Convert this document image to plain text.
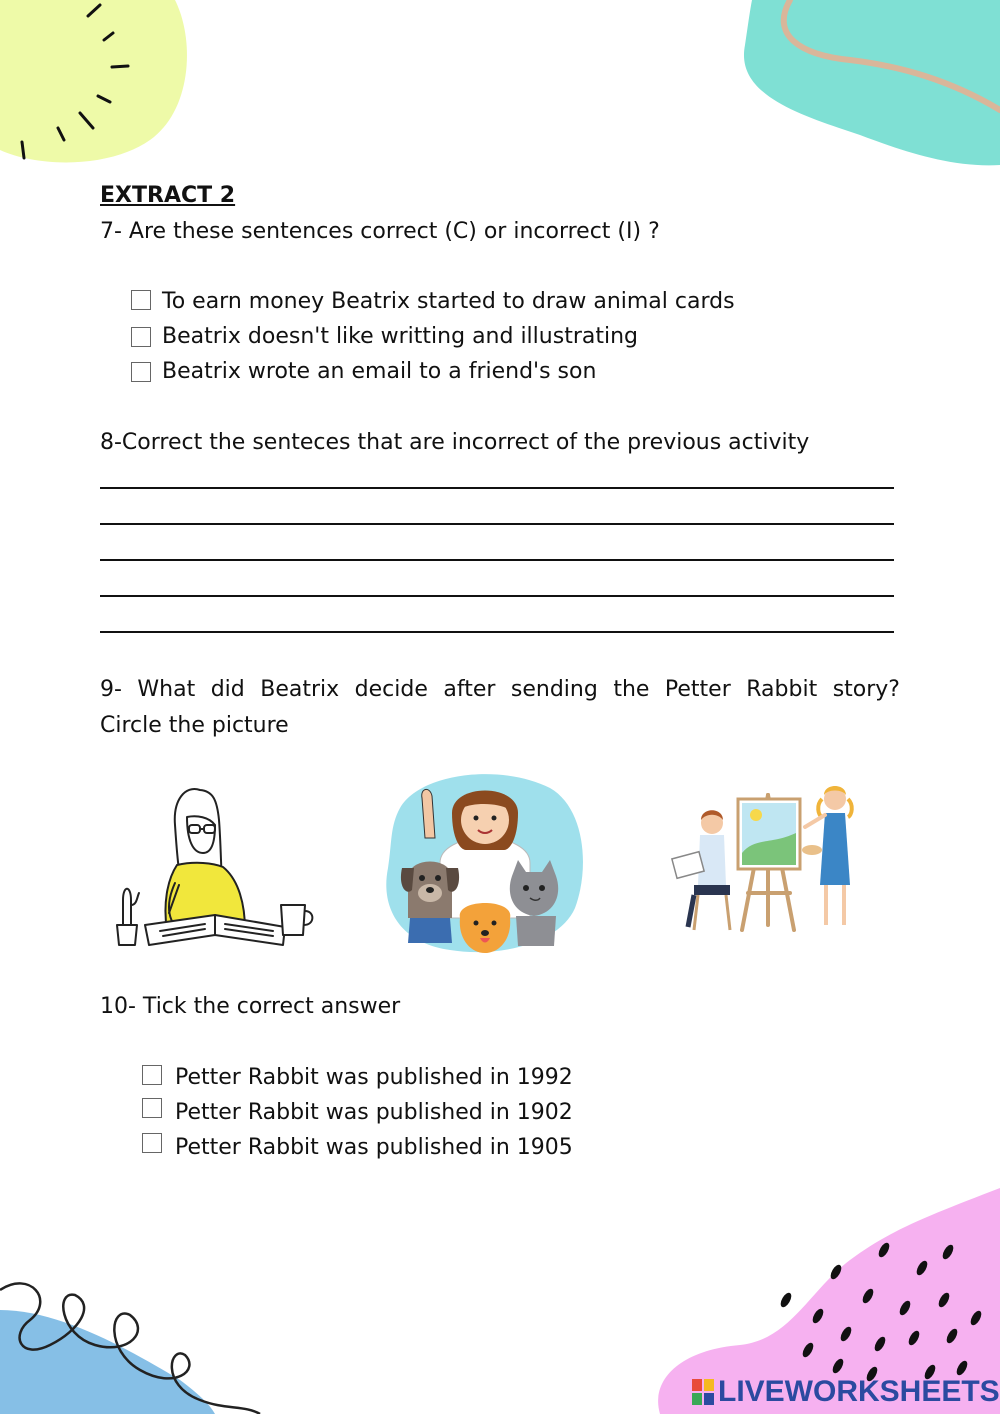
EXTRACT 2
7- Are these sentences correct (C) or incorrect (I) ?
To earn money Beatrix started to draw animal cards
Beatrix doesn't like writting and illustrating
Beatrix wrote an email to a friend's son
8-Correct the senteces that are incorrect of the previous activity
9- What did Beatrix decide after sending the Petter Rabbit story?
Circle the picture
10- Tick the correct answer
Petter Rabbit was published in 1992
Petter Rabbit was published in 1902
Petter Rabbit was published in 1905
LIVEWORKSHEETS
